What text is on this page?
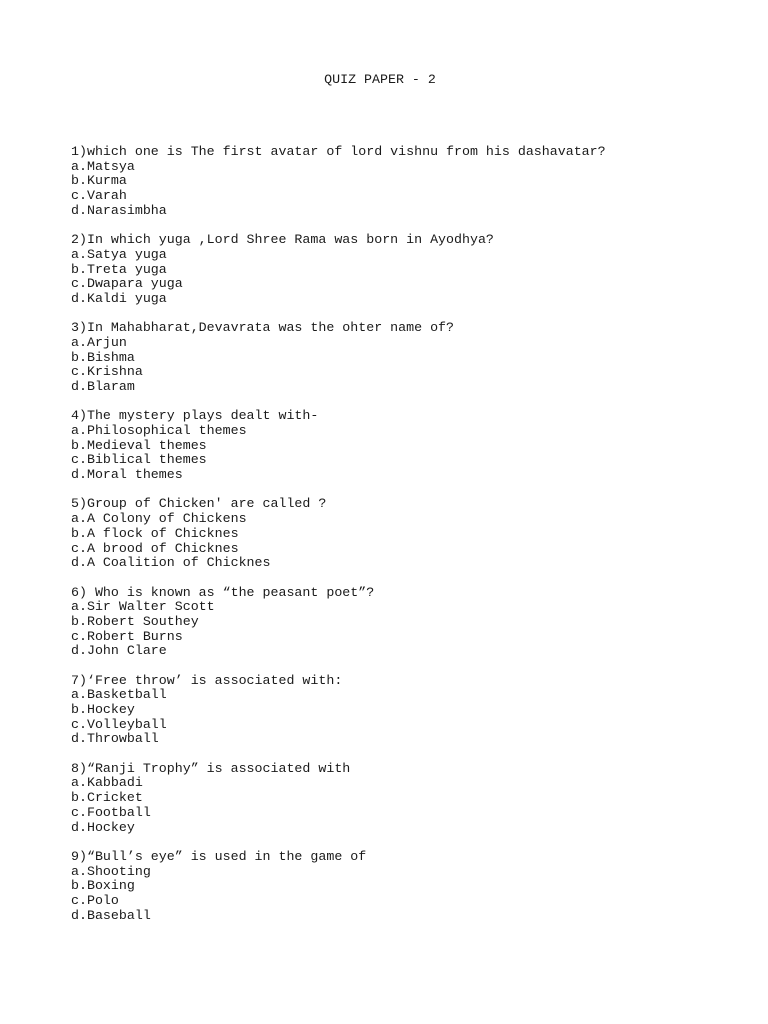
QUIZ PAPER - 2
1)which one is The first avatar of lord vishnu from his dashavatar?
a.Matsya
b.Kurma
c.Varah
d.Narasimbha
2)In which yuga ,Lord Shree Rama was born in Ayodhya?
a.Satya yuga
b.Treta yuga
c.Dwapara yuga
d.Kaldi yuga
3)In Mahabharat,Devavrata was the ohter name of?
a.Arjun
b.Bishma
c.Krishna
d.Blaram
4)The mystery plays dealt with-
a.Philosophical themes
b.Medieval themes
c.Biblical themes
d.Moral themes
5)Group of Chicken' are called ?
a.A Colony of Chickens
b.A flock of Chicknes
c.A brood of Chicknes
d.A Coalition of Chicknes
6) Who is known as “the peasant poet”?
a.Sir Walter Scott
b.Robert Southey
c.Robert Burns
d.John Clare
7)‘Free throw’ is associated with:
a.Basketball
b.Hockey
c.Volleyball
d.Throwball
8)“Ranji Trophy” is associated with
a.Kabbadi
b.Cricket
c.Football
d.Hockey
9)“Bull’s eye” is used in the game of
a.Shooting
b.Boxing
c.Polo
d.Baseball
